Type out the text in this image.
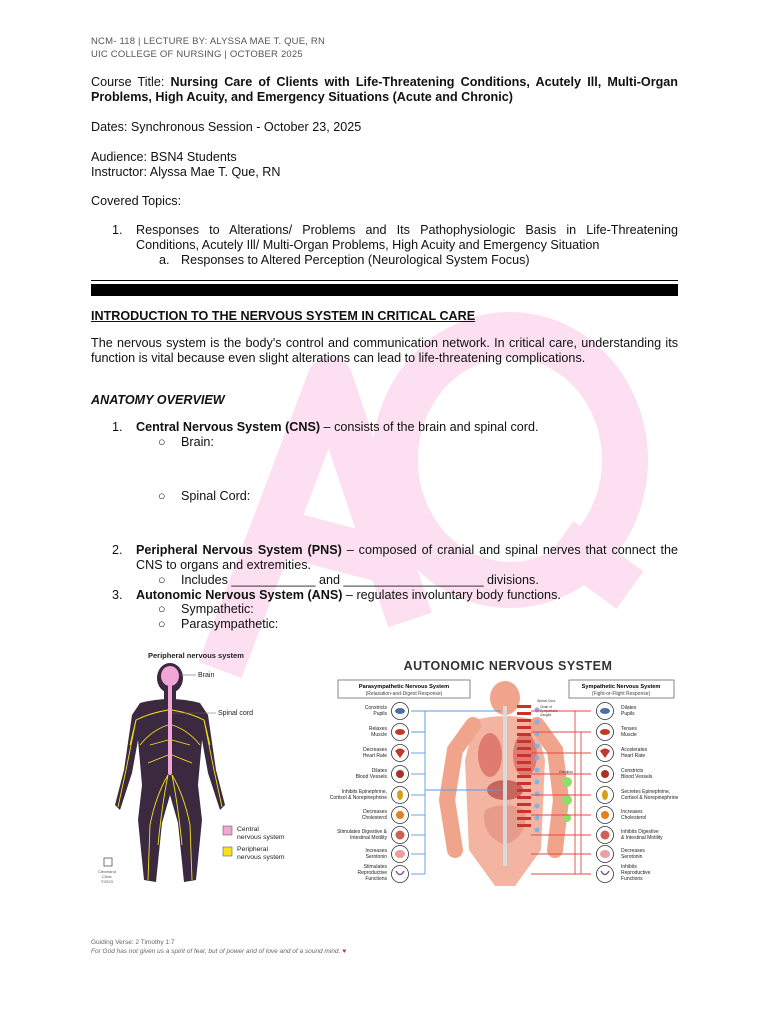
NCM- 118 | LECTURE BY: ALYSSA MAE T. QUE, RN
UIC COLLEGE OF NURSING | OCTOBER 2025
Course Title: Nursing Care of Clients with Life-Threatening Conditions, Acutely Ill, Multi-Organ Problems, High Acuity, and Emergency Situations (Acute and Chronic)
Dates: Synchronous Session - October 23, 2025
Audience: BSN4 Students
Instructor: Alyssa Mae T. Que, RN
Covered Topics:
1. Responses to Alterations/ Problems and Its Pathophysiologic Basis in Life-Threatening Conditions, Acutely Ill/ Multi-Organ Problems, High Acuity and Emergency Situation
a. Responses to Altered Perception (Neurological System Focus)
INTRODUCTION TO THE NERVOUS SYSTEM IN CRITICAL CARE
The nervous system is the body's control and communication network. In critical care, understanding its function is vital because even slight alterations can lead to life-threatening complications.
ANATOMY OVERVIEW
1. Central Nervous System (CNS) – consists of the brain and spinal cord.
○ Brain:
○ Spinal Cord:
2. Peripheral Nervous System (PNS) – composed of cranial and spinal nerves that connect the CNS to organs and extremities.
○ Includes ____________ and ____________________ divisions.
3. Autonomic Nervous System (ANS) – regulates involuntary body functions.
○ Sympathetic:
○ Parasympathetic:
Peripheral nervous system
Brain
Spinal cord
Central nervous system
Peripheral nervous system
Cleveland Clinic ©2023
AUTONOMIC NERVOUS SYSTEM
Parasympathetic Nervous System
(Relaxation-and-Digest Response)
Sympathetic Nervous System
(Fight-or-Flight Response)
Spinal Cord
Chain of Sympathetic Ganglia
Ganglion
Constricts Pupils
Relaxes Muscle
Decreases Heart Rate
Dilates Blood Vessels
Inhibits Epinephrine, Cortisol & Norepinephrine
Decreases Cholesterol
Stimulates Digestive & Intestinal Motility
Increases Serotonin
Stimulates Reproductive Functions
Dilates Pupils
Tenses Muscle
Accelerates Heart Rate
Constricts Blood Vessels
Secretes Epinephrine, Cortisol & Norepinephrine
Increases Cholesterol
Inhibits Digestive & Intestinal Motility
Decreases Serotonin
Inhibits Reproductive Functions
Guiding Verse: 2 Timothy 1:7
For God has not given us a spirit of fear, but of power and of love and of a sound mind. ♥
